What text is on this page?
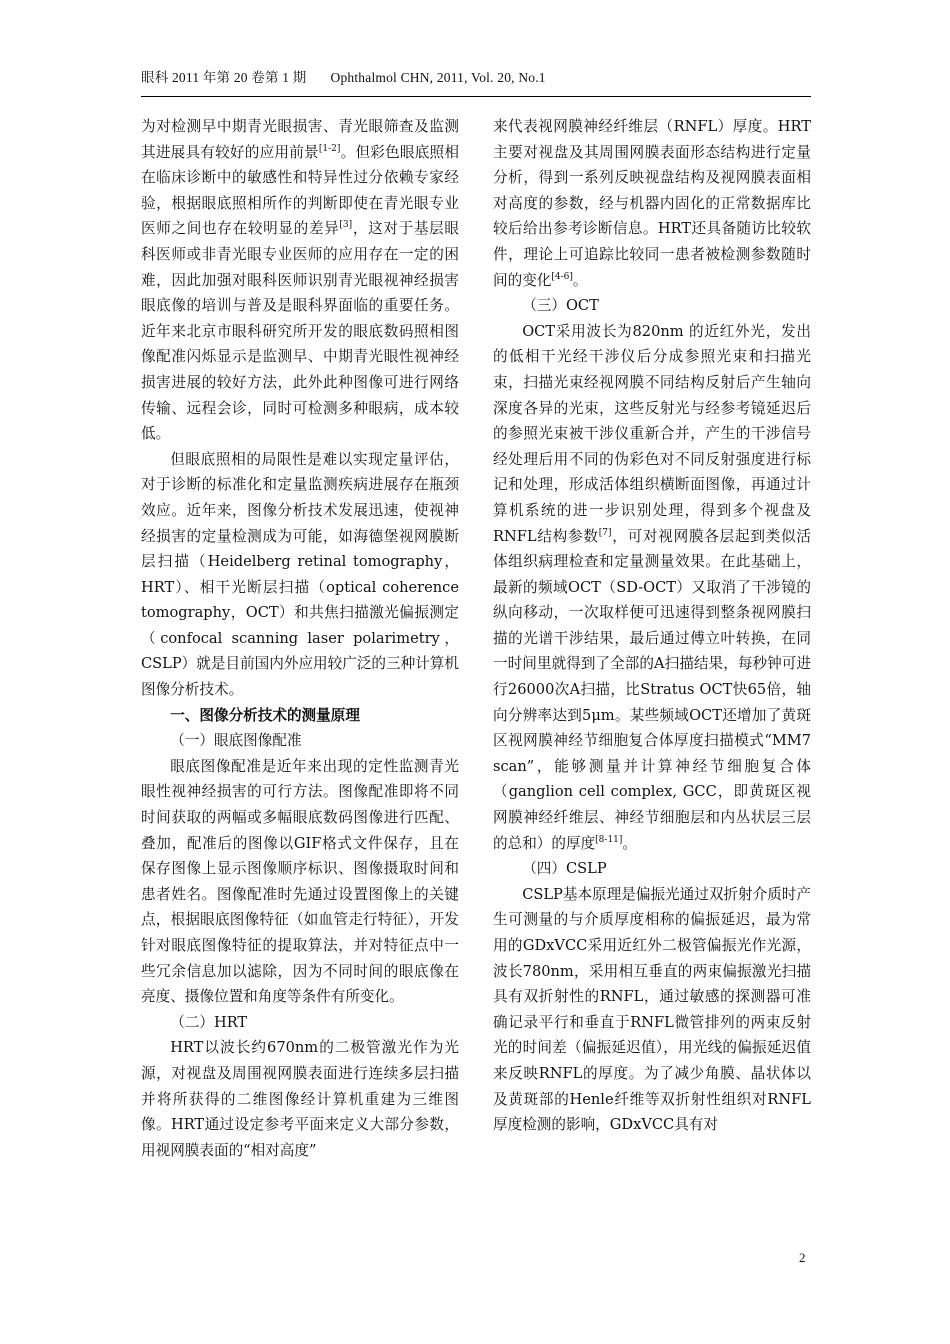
眼科 2011 年第 20 卷第 1 期 Ophthalmol CHN, 2011, Vol. 20, No.1

为对检测早中期青光眼损害、青光眼筛查及监测其进展具有较好的应用前景[1-2]。但彩色眼底照相在临床诊断中的敏感性和特异性过分依赖专家经验，根据眼底照相所作的判断即使在青光眼专业医师之间也存在较明显的差异[3]，这对于基层眼科医师或非青光眼专业医师的应用存在一定的困难，因此加强对眼科医师识别青光眼视神经损害眼底像的培训与普及是眼科界面临的重要任务。近年来北京市眼科研究所开发的眼底数码照相图像配准闪烁显示是监测早、中期青光眼性视神经损害进展的较好方法，此外此种图像可进行网络传输、远程会诊，同时可检测多种眼病，成本较低。

但眼底照相的局限性是难以实现定量评估，对于诊断的标准化和定量监测疾病进展存在瓶颈效应。近年来，图像分析技术发展迅速，使视神经损害的定量检测成为可能，如海德堡视网膜断层扫描（Heidelberg retinal tomography，HRT）、相干光断层扫描（optical coherence tomography，OCT）和共焦扫描激光偏振测定（confocal scanning laser polarimetry，CSLP）就是目前国内外应用较广泛的三种计算机图像分析技术。

一、图像分析技术的测量原理

（一）眼底图像配准

眼底图像配准是近年来出现的定性监测青光眼性视神经损害的可行方法。图像配准即将不同时间获取的两幅或多幅眼底数码图像进行匹配、叠加，配准后的图像以GIF格式文件保存，且在保存图像上显示图像顺序标识、图像摄取时间和患者姓名。图像配准时先通过设置图像上的关键点，根据眼底图像特征（如血管走行特征），开发针对眼底图像特征的提取算法，并对特征点中一些冗余信息加以滤除，因为不同时间的眼底像在亮度、摄像位置和角度等条件有所变化。

（二）HRT

HRT以波长约670nm的二极管激光作为光源，对视盘及周围视网膜表面进行连续多层扫描并将所获得的二维图像经计算机重建为三维图像。HRT通过设定参考平面来定义大部分参数，用视网膜表面的“相对高度”

来代表视网膜神经纤维层（RNFL）厚度。HRT主要对视盘及其周围网膜表面形态结构进行定量分析，得到一系列反映视盘结构及视网膜表面相对高度的参数，经与机器内固化的正常数据库比较后给出参考诊断信息。HRT还具备随访比较软件，理论上可追踪比较同一患者被检测参数随时间的变化[4-6]。

（三）OCT

OCT采用波长为820nm 的近红外光，发出的低相干光经干涉仪后分成参照光束和扫描光束，扫描光束经视网膜不同结构反射后产生轴向深度各异的光束，这些反射光与经参考镜延迟后的参照光束被干涉仪重新合并，产生的干涉信号经处理后用不同的伪彩色对不同反射强度进行标记和处理，形成活体组织横断面图像，再通过计算机系统的进一步识别处理，得到多个视盘及RNFL结构参数[7]，可对视网膜各层起到类似活体组织病理检查和定量测量效果。在此基础上，最新的频域OCT（SD-OCT）又取消了干涉镜的纵向移动，一次取样便可迅速得到整条视网膜扫描的光谱干涉结果，最后通过傅立叶转换，在同一时间里就得到了全部的A扫描结果，每秒钟可进行26000次A扫描，比Stratus OCT快65倍，轴向分辨率达到5μm。某些频域OCT还增加了黄斑区视网膜神经节细胞复合体厚度扫描模式“MM7 scan”，能够测量并计算神经节细胞复合体（ganglion cell complex, GCC，即黄斑区视网膜神经纤维层、神经节细胞层和内丛状层三层的总和）的厚度[8-11]。

（四）CSLP

CSLP基本原理是偏振光通过双折射介质时产生可测量的与介质厚度相称的偏振延迟，最为常用的GDxVCC采用近红外二极管偏振光作光源，波长780nm，采用相互垂直的两束偏振激光扫描具有双折射性的RNFL，通过敏感的探测器可准确记录平行和垂直于RNFL微管排列的两束反射光的时间差（偏振延迟值），用光线的偏振延迟值来反映RNFL的厚度。为了减少角膜、晶状体以及黄斑部的Henle纤维等双折射性组织对RNFL厚度检测的影响，GDxVCC具有对

2
